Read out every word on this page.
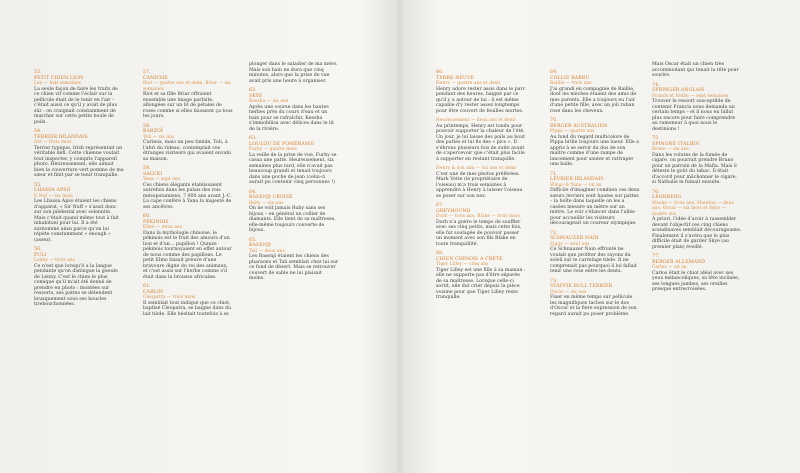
53.
PETIT CHIEN LION
Lex — huit semaines
La seule façon de faire les traits de ce chien vif comme l'éclair sur la pellicule était de le tenir en l'air – c'était aussi ce qu'il y avait de plus sûr : on craignait constamment de marcher sur cette petite boule de poils.
54.
TERRIER IRLANDAIS
Iris — trois mois
Terrier typique, Irish représentait un véritable défi. Cette chienne voulait tout inspecter, y compris l'appareil photo. Heureusement, elle aimait bien la couverture vert pomme de ma sœur et finit par se tenir tranquille.
55.
LHASSA APSO
E.Nuf — six mois
Les Lhassa Apso étaient les chiens d'apparat, « Sir Nuff » s'assit donc sur son piédestal avec solennité. Mais c'était quand même tout à fait inhabituel pour lui. Il a été surnommé ainsi parce qu'on lui répète constamment « enough » (assez).
56.
PULI
Lenny — trois ans
Ce n'est que lorsqu'il a la langue pendante qu'on distingue la gueule de Lenny. C'est le chien le plus comique qu'il m'ait été donné de prendre en photo : montées sur ressorts, ses pattes se détendent brusquement sous ses boucles tirebouchonnées.
57.
CANICHE
Riot — quatre ans et demi, Briar — six semaines
Riot et sa fille Briar offraient ensemble une image parfaite, allongées sur un lit de pétales de roses comme si elles faisaient ça tous les jours.
58.
BARZOÏ
Toli — six ans
Curieux, mais un peu timide, Toli, à l'abri du rideau, contemplait ces étranges visiteurs qui avaient envahi sa maison.
59.
SALUKI
Yana — sept ans
Ces chiens élégants établissaient autrefois dans les palais des rois mésopotamiens, 7 000 ans avant J.-C. La cape confère à Yana la majesté de ses ancêtres.
60.
PÉKINOIS
Elmo — deux ans
Dans la mythologie chinoise, le pékinois est le fruit des amours d'un lion et d'un… papillon ! Quinze pékinois tournoyaient en effet autour de nous comme des papillons. Le petit Elmo faisait preuve d'une bravoure digne du roi des animaux, et c'est assis sur l'herbe comme s'il était dans la brousse africaine.
61.
CARLIN
Cleopatra — trois mois
Il semblait tout indiqué que ce chiot, baptisé Cleopatra, se baigne dans du lait tiède. Elle hésitait toutefois à se
plonger dans le saladier de ma mère. Mais son bain ne dura que cinq minutes, alors que la prise de vue avait pris une heure à organiser.
62.
SKYE
Keesha — six ans
Après une course dans les hautes herbes près du cours d'eau et un bain pour se rafraîchir, Keesha s'immobilisa avec délices dans le lit de la rivière.
63.
LOULOU DE POMÉRANIE
Furby — quatre mois
La veille de la prise de vue, Furby se cassa une patte. Heureusement, six semaines plus tard, elle n'avait pas beaucoup grandi et tenait toujours dans une poche de jean (celui-ci aurait pu contenir cinq personnes !)
64.
BASENJI CROISÉ
Ruby — six ans
On ne voit jamais Ruby sans ses bijoux – en général un collier de diamants. Elle tient de sa maîtresse, elle-même toujours couverte de bijoux.
65.
BASENJI
Tali — deux ans
Les Basenji étaient les chiens des pharaons et Tali semblait chez lui sur ce fond de désert. Mais se retrouver couvert de sable ne lui plaisait moins.
66.
TERRE-NEUVE
Henry — quatre ans et demi
Henry adore rester assis dans le parc pendant des heures, baigné par ce qu'il y a autour de lui : il est même capable d'y rester assez longtemps pour être couvert de feuilles mortes.
Heureusement — deux ans et demi
Au printemps, Henry est tondu pour pouvoir supporter la chaleur de l'été. Un jour, je lui laisse des poils au bout des pattes et lui fis des « pics ». Il s'ébrous plusieurs fois de suite avant de s'apercevoir que c'était plus facile à supporter en restant tranquille.
Henry & son ami — six ans et demi
C'est une de mes photos préférées. Mark Vette (le propriétaire de l'oiseau) m'a trois semaines à apprendre à Henry à laisser l'oiseau se poser sur son nez.
67.
GREYHOUND
Dorb — trois ans, Blake — trois mois
Dorb n'a guère le temps de souffler avec ses cinq petits, mais cette fois, elle fut soulagée de pouvoir passer un moment avec son fils Blake en toute tranquillité.
68.
CHIEN CHINOIS À CRÊTE
Tiger Lilley — cinq ans
Tiger Lilley est une fille à sa maman : elle ne supporte pas d'être séparée de sa maîtresse. Lorsque celle-ci sortit, elle dut crier depuis la pièce voisine pour que Tiger Lilley reste tranquille.
69.
COLLIE BARBU
Baillie — trois ans
J'ai grandi en compagnie de Baillie, dont les mèches étaient des amis de mes parents. Elle a toujours eu l'air d'une petite fille, avec un joli ruban rose dans les cheveux.
70.
BERGER AUSTRALIEN
Pippa — quatre ans
Au fond du regard multicolore de Pippa brille toujours une lueur. Elle a appris à se servir du dos de son maître comme d'une rampe de lancement pour sauter et rattraper une balle.
71.
LÉVRIER IRLANDAIS
Wings & Yana — un an
Difficile d'imaginer combien ces deux sœurs lévriers sont hautes sur pattes – la boîte dans laquelle on les a casées mesure un mètre sur un mètre. Le voir s'élancer dans l'allée pour accueillir les visiteurs décourageait un coureur olympique.
72.
SCHNAUZER NAIN
Ziggy — neuf ans
Ce Schnauzer Nain effronté ne voulait que profiter des rayons du soleil sur le carrelage tiède. Il ne comprenait pas pourquoi il lui fallait tenir une rose entre les dents.
73.
STAFFIE BULL TERRIER
Oscar — six ans
Fixer en même temps sur pellicule les magnifiques taches sur le dos d'Oscar et la fière expression de son regard aurait pu poser problème.
Mais Oscar était un chien très accommodant qui tenait la tête pour sourire.
74.
SPRINGER ANGLAIS
Franck et Nellie — sept semaines
Trouver le ressort susceptible de contenir Francis nous demanda un certain temps – et il nous en fallut plus encore pour faire comprendre au ramoneur à quoi nous le destinions !
75.
SPINONE ITALIEN
Bruno — six ans
Dans les volutes de la fumée de cigare, on pourrait prendre Bruno pour un parrain de la Mafia. Mais il déteste le goût du tabac. Il était d'accord pour mâchonner le cigare, si Nathalie le fumait ensuite.
76.
LEONBERG
Wooka — trois ans, Manitou — deux ans, Oscar — six mois et Skye — quatre ans
A priori, l'idée d'avoir à rassembler devant l'objectif ces cinq chiens scandinaves semblait décourageante. Finalement il s'avéra que le plus difficile était de garder Skye (au premier plan) éveillé.
77.
BERGER ALLEMAND
Carlos — un an
Carlos était le chiot idéal avec ses yeux mélancoliques, sa tête inclinée, ses longues jambes, ses oreilles presque entrecroisées.
